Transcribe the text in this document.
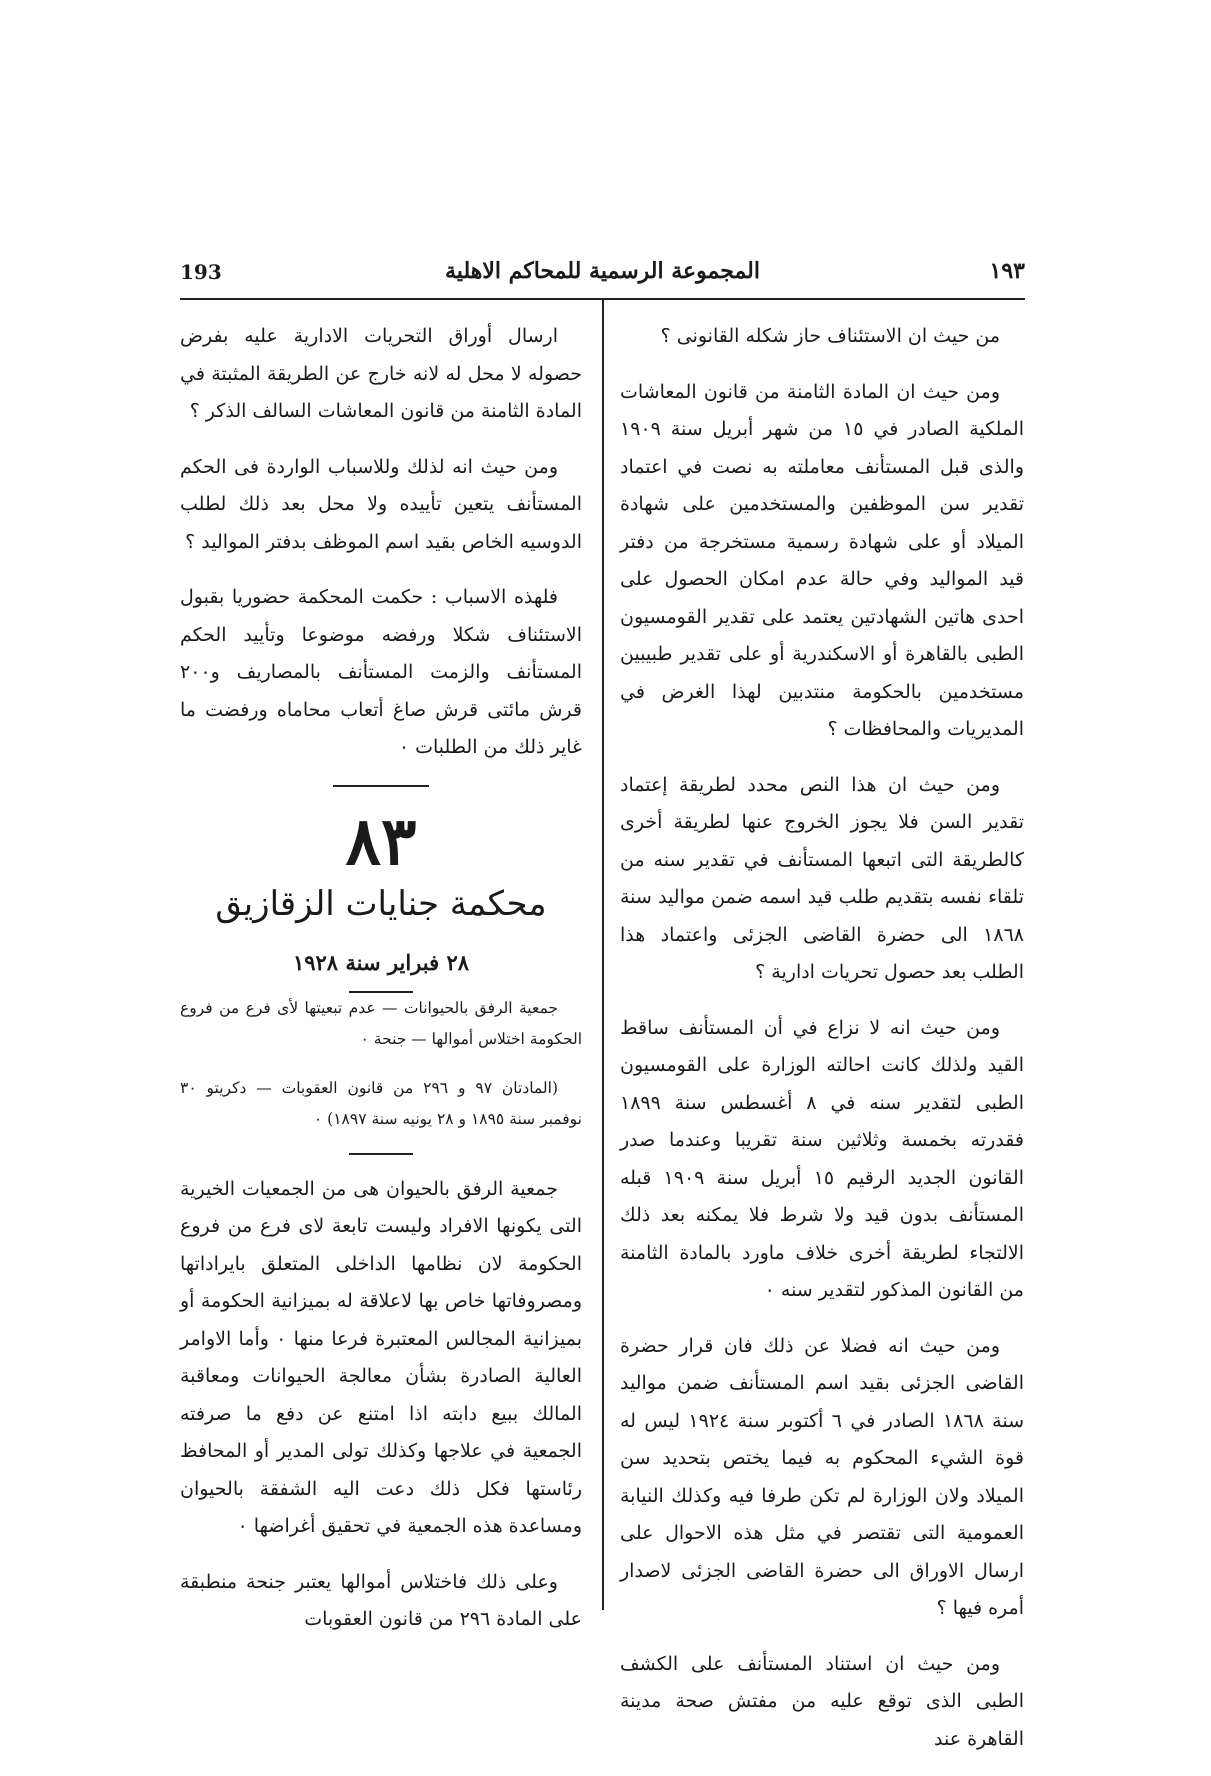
١٩٣
المجموعة الرسمية للمحاكم الاهلية
193

من حيث ان الاستئناف حاز شكله القانونى ؟

ومن حيث ان المادة الثامنة من قانون المعاشات الملكية الصادر في ١٥ من شهر أبريل سنة ١٩٠٩ والذى قبل المستأنف معاملته به نصت في اعتماد تقدير سن الموظفين والمستخدمين على شهادة الميلاد أو على شهادة رسمية مستخرجة من دفتر قيد المواليد وفي حالة عدم امكان الحصول على احدى هاتين الشهادتين يعتمد على تقدير القومسيون الطبى بالقاهرة أو الاسكندرية أو على تقدير طبيبين مستخدمين بالحكومة منتدبين لهذا الغرض في المديريات والمحافظات ؟

ومن حيث ان هذا النص محدد لطريقة إعتماد تقدير السن فلا يجوز الخروج عنها لطريقة أخرى كالطريقة التى اتبعها المستأنف في تقدير سنه من تلقاء نفسه بتقديم طلب قيد اسمه ضمن مواليد سنة ١٨٦٨ الى حضرة القاضى الجزئى واعتماد هذا الطلب بعد حصول تحريات ادارية ؟

ومن حيث انه لا نزاع في أن المستأنف ساقط القيد ولذلك كانت احالته الوزارة على القومسيون الطبى لتقدير سنه في ٨ أغسطس سنة ١٨٩٩ فقدرته بخمسة وثلاثين سنة تقريبا وعندما صدر القانون الجديد الرقيم ١٥ أبريل سنة ١٩٠٩ قبله المستأنف بدون قيد ولا شرط فلا يمكنه بعد ذلك الالتجاء لطريقة أخرى خلاف ماورد بالمادة الثامنة من القانون المذكور لتقدير سنه ٠

ومن حيث انه فضلا عن ذلك فان قرار حضرة القاضى الجزئى بقيد اسم المستأنف ضمن مواليد سنة ١٨٦٨ الصادر في ٦ أكتوبر سنة ١٩٢٤ ليس له قوة الشيء المحكوم به فيما يختص بتحديد سن الميلاد ولان الوزارة لم تكن طرفا فيه وكذلك النيابة العمومية التى تقتصر في مثل هذه الاحوال على ارسال الاوراق الى حضرة القاضى الجزئى لاصدار أمره فيها ؟

ومن حيث ان استناد المستأنف على الكشف الطبى الذى توقع عليه من مفتش صحة مدينة القاهرة عند

ارسال أوراق التحريات الادارية عليه بفرض حصوله لا محل له لانه خارج عن الطريقة المثبتة في المادة الثامنة من قانون المعاشات السالف الذكر ؟

ومن حيث انه لذلك وللاسباب الواردة فى الحكم المستأنف يتعين تأييده ولا محل بعد ذلك لطلب الدوسيه الخاص بقيد اسم الموظف بدفتر المواليد ؟

فلهذه الاسباب : حكمت المحكمة حضوريا بقبول الاستئناف شكلا ورفضه موضوعا وتأييد الحكم المستأنف والزمت المستأنف بالمصاريف و٢٠٠ قرش مائتى قرش صاغ أتعاب محاماه ورفضت ما غاير ذلك من الطلبات ٠

٨٣
محكمة جنايات الزقازيق
٢٨ فبراير سنة ١٩٢٨

جمعية الرفق بالحيوانات — عدم تبعيتها لأى فرع من فروع الحكومة اختلاس أموالها — جنحة ٠

(المادتان ٩٧ و ٢٩٦ من قانون العقوبات — دكريتو ٣٠ نوفمبر سنة ١٨٩٥ و ٢٨ يونيه سنة ١٨٩٧) ٠

جمعية الرفق بالحيوان هى من الجمعيات الخيرية التى يكونها الافراد وليست تابعة لاى فرع من فروع الحكومة لان نظامها الداخلى المتعلق بايراداتها ومصروفاتها خاص بها لاعلاقة له بميزانية الحكومة أو بميزانية المجالس المعتبرة فرعا منها ٠ وأما الاوامر العالية الصادرة بشأن معالجة الحيوانات ومعاقبة المالك ببيع دابته اذا امتنع عن دفع ما صرفته الجمعية في علاجها وكذلك تولى المدير أو المحافظ رئاستها فكل ذلك دعت اليه الشفقة بالحيوان ومساعدة هذه الجمعية في تحقيق أغراضها ٠

وعلى ذلك فاختلاس أموالها يعتبر جنحة منطبقة على المادة ٢٩٦ من قانون العقوبات
